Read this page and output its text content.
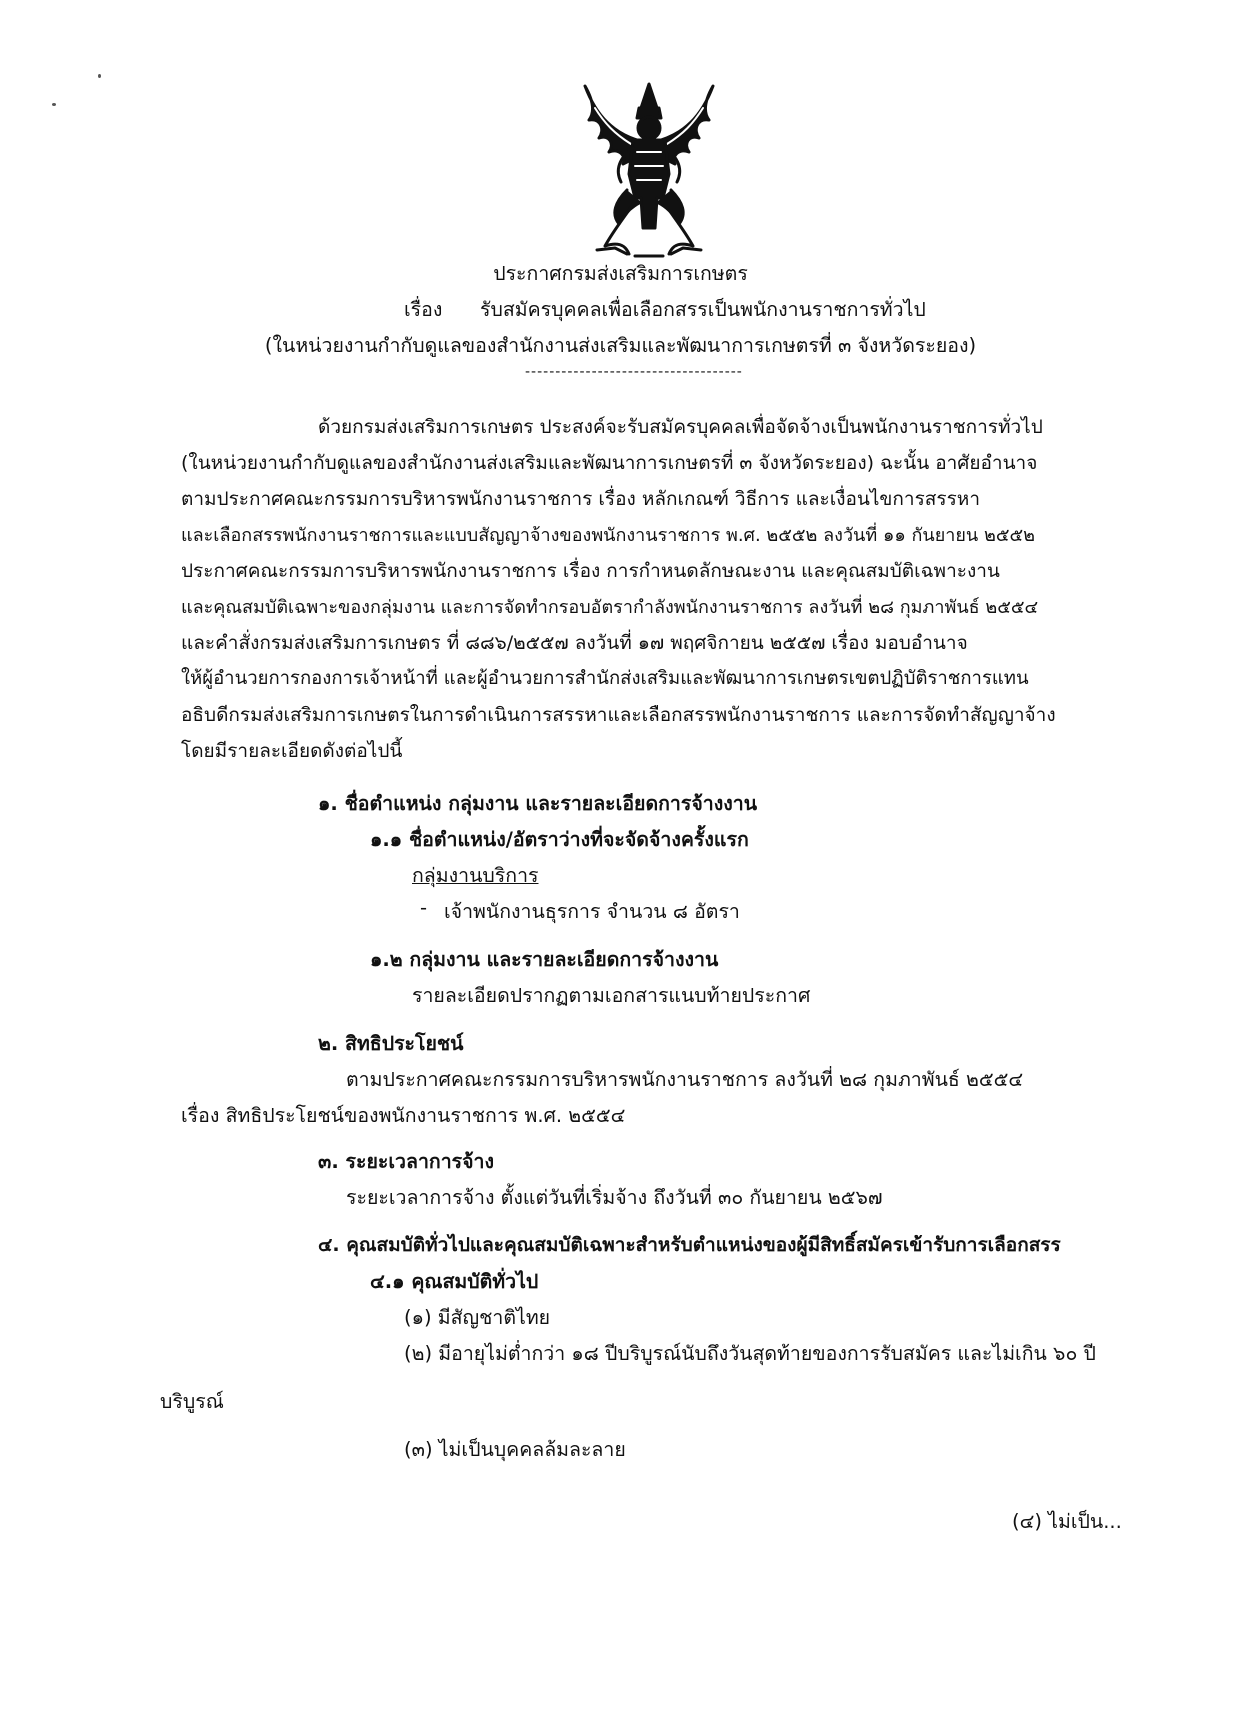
ประกาศกรมส่งเสริมการเกษตร
เรื่อง รับสมัครบุคคลเพื่อเลือกสรรเป็นพนักงานราชการทั่วไป
(ในหน่วยงานกำกับดูแลของสำนักงานส่งเสริมและพัฒนาการเกษตรที่ ๓ จังหวัดระยอง)
------------------------------------
ด้วยกรมส่งเสริมการเกษตร ประสงค์จะรับสมัครบุคคลเพื่อจัดจ้างเป็นพนักงานราชการทั่วไป
(ในหน่วยงานกำกับดูแลของสำนักงานส่งเสริมและพัฒนาการเกษตรที่ ๓ จังหวัดระยอง) ฉะนั้น อาศัยอำนาจ
ตามประกาศคณะกรรมการบริหารพนักงานราชการ เรื่อง หลักเกณฑ์ วิธีการ และเงื่อนไขการสรรหา
และเลือกสรรพนักงานราชการและแบบสัญญาจ้างของพนักงานราชการ พ.ศ. ๒๕๕๒ ลงวันที่ ๑๑ กันยายน ๒๕๕๒
ประกาศคณะกรรมการบริหารพนักงานราชการ เรื่อง การกำหนดลักษณะงาน และคุณสมบัติเฉพาะงาน
และคุณสมบัติเฉพาะของกลุ่มงาน และการจัดทำกรอบอัตรากำลังพนักงานราชการ ลงวันที่ ๒๘ กุมภาพันธ์ ๒๕๕๔
และคำสั่งกรมส่งเสริมการเกษตร ที่ ๘๘๖/๒๕๕๗ ลงวันที่ ๑๗ พฤศจิกายน ๒๕๕๗ เรื่อง มอบอำนาจ
ให้ผู้อำนวยการกองการเจ้าหน้าที่ และผู้อำนวยการสำนักส่งเสริมและพัฒนาการเกษตรเขตปฏิบัติราชการแทน
อธิบดีกรมส่งเสริมการเกษตรในการดำเนินการสรรหาและเลือกสรรพนักงานราชการ และการจัดทำสัญญาจ้าง
โดยมีรายละเอียดดังต่อไปนี้
๑. ชื่อตำแหน่ง กลุ่มงาน และรายละเอียดการจ้างงาน
๑.๑ ชื่อตำแหน่ง/อัตราว่างที่จะจัดจ้างครั้งแรก
กลุ่มงานบริการ
- เจ้าพนักงานธุรการ จำนวน ๘ อัตรา
๑.๒ กลุ่มงาน และรายละเอียดการจ้างงาน
รายละเอียดปรากฏตามเอกสารแนบท้ายประกาศ
๒. สิทธิประโยชน์
ตามประกาศคณะกรรมการบริหารพนักงานราชการ ลงวันที่ ๒๘ กุมภาพันธ์ ๒๕๕๔
เรื่อง สิทธิประโยชน์ของพนักงานราชการ พ.ศ. ๒๕๕๔
๓. ระยะเวลาการจ้าง
ระยะเวลาการจ้าง ตั้งแต่วันที่เริ่มจ้าง ถึงวันที่ ๓๐ กันยายน ๒๕๖๗
๔. คุณสมบัติทั่วไปและคุณสมบัติเฉพาะสำหรับตำแหน่งของผู้มีสิทธิ์สมัครเข้ารับการเลือกสรร
๔.๑ คุณสมบัติทั่วไป
(๑) มีสัญชาติไทย
(๒) มีอายุไม่ต่ำกว่า ๑๘ ปีบริบูรณ์นับถึงวันสุดท้ายของการรับสมัคร และไม่เกิน ๖๐ ปี
บริบูรณ์
(๓) ไม่เป็นบุคคลล้มละลาย
(๔) ไม่เป็น...
